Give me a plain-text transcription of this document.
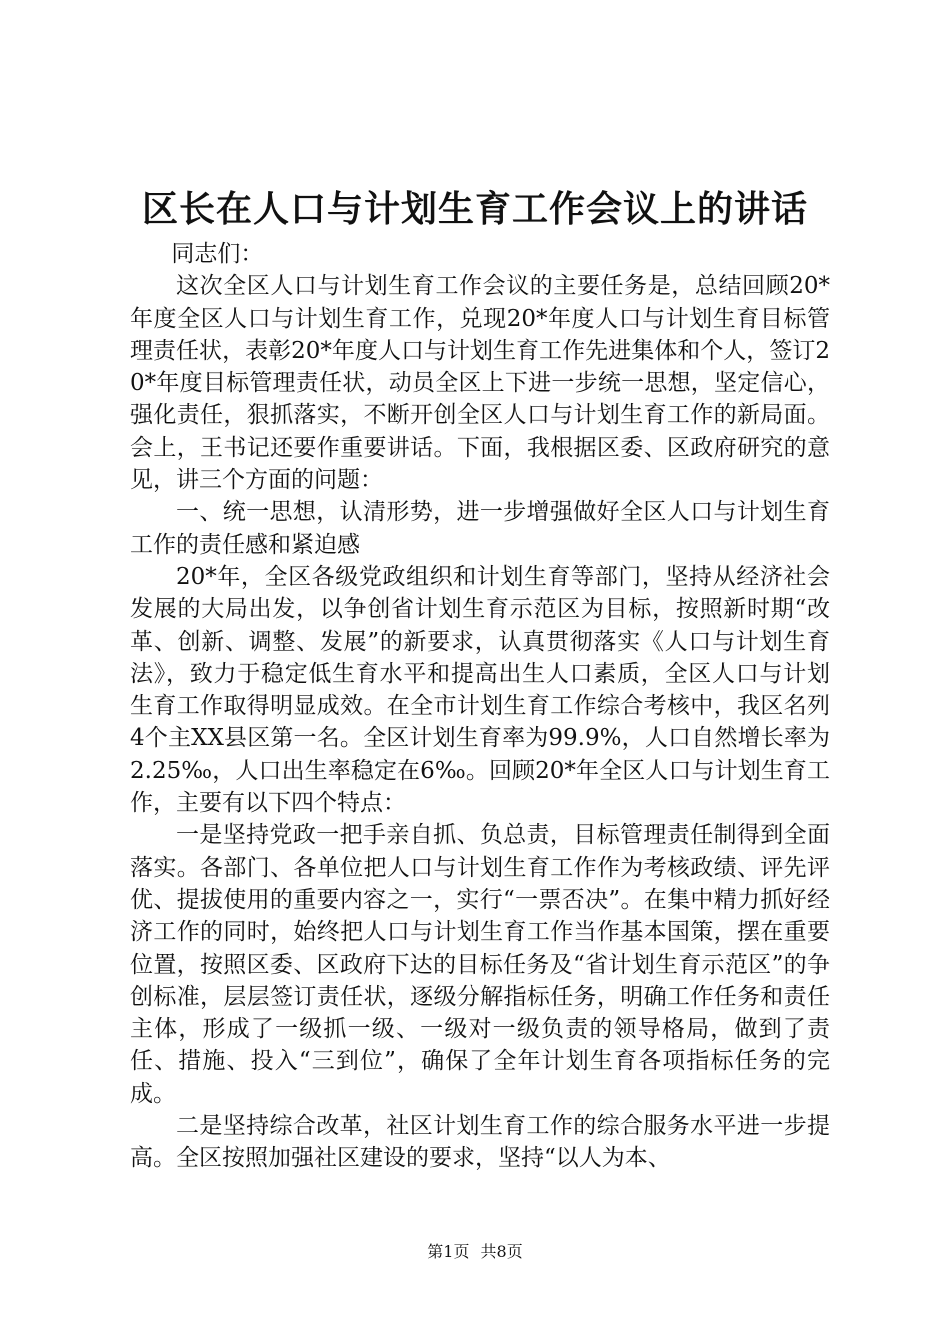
区长在人口与计划生育工作会议上的讲话

同志们：

这次全区人口与计划生育工作会议的主要任务是，总结回顾20*年度全区人口与计划生育工作，兑现20*年度人口与计划生育目标管理责任状，表彰20*年度人口与计划生育工作先进集体和个人，签订20*年度目标管理责任状，动员全区上下进一步统一思想，坚定信心，强化责任，狠抓落实，不断开创全区人口与计划生育工作的新局面。会上，王书记还要作重要讲话。下面，我根据区委、区政府研究的意见，讲三个方面的问题：

一、统一思想，认清形势，进一步增强做好全区人口与计划生育工作的责任感和紧迫感

20*年，全区各级党政组织和计划生育等部门，坚持从经济社会发展的大局出发，以争创省计划生育示范区为目标，按照新时期“改革、创新、调整、发展”的新要求，认真贯彻落实《人口与计划生育法》，致力于稳定低生育水平和提高出生人口素质，全区人口与计划生育工作取得明显成效。在全市计划生育工作综合考核中，我区名列4个主XX县区第一名。全区计划生育率为99.9%，人口自然增长率为2.25‰，人口出生率稳定在6‰。回顾20*年全区人口与计划生育工作，主要有以下四个特点：

一是坚持党政一把手亲自抓、负总责，目标管理责任制得到全面落实。各部门、各单位把人口与计划生育工作作为考核政绩、评先评优、提拔使用的重要内容之一，实行“一票否决”。在集中精力抓好经济工作的同时，始终把人口与计划生育工作当作基本国策，摆在重要位置，按照区委、区政府下达的目标任务及“省计划生育示范区”的争创标准，层层签订责任状，逐级分解指标任务，明确工作任务和责任主体，形成了一级抓一级、一级对一级负责的领导格局，做到了责任、措施、投入“三到位”，确保了全年计划生育各项指标任务的完成。

二是坚持综合改革，社区计划生育工作的综合服务水平进一步提高。全区按照加强社区建设的要求，坚持“以人为本、

第1页 共8页
